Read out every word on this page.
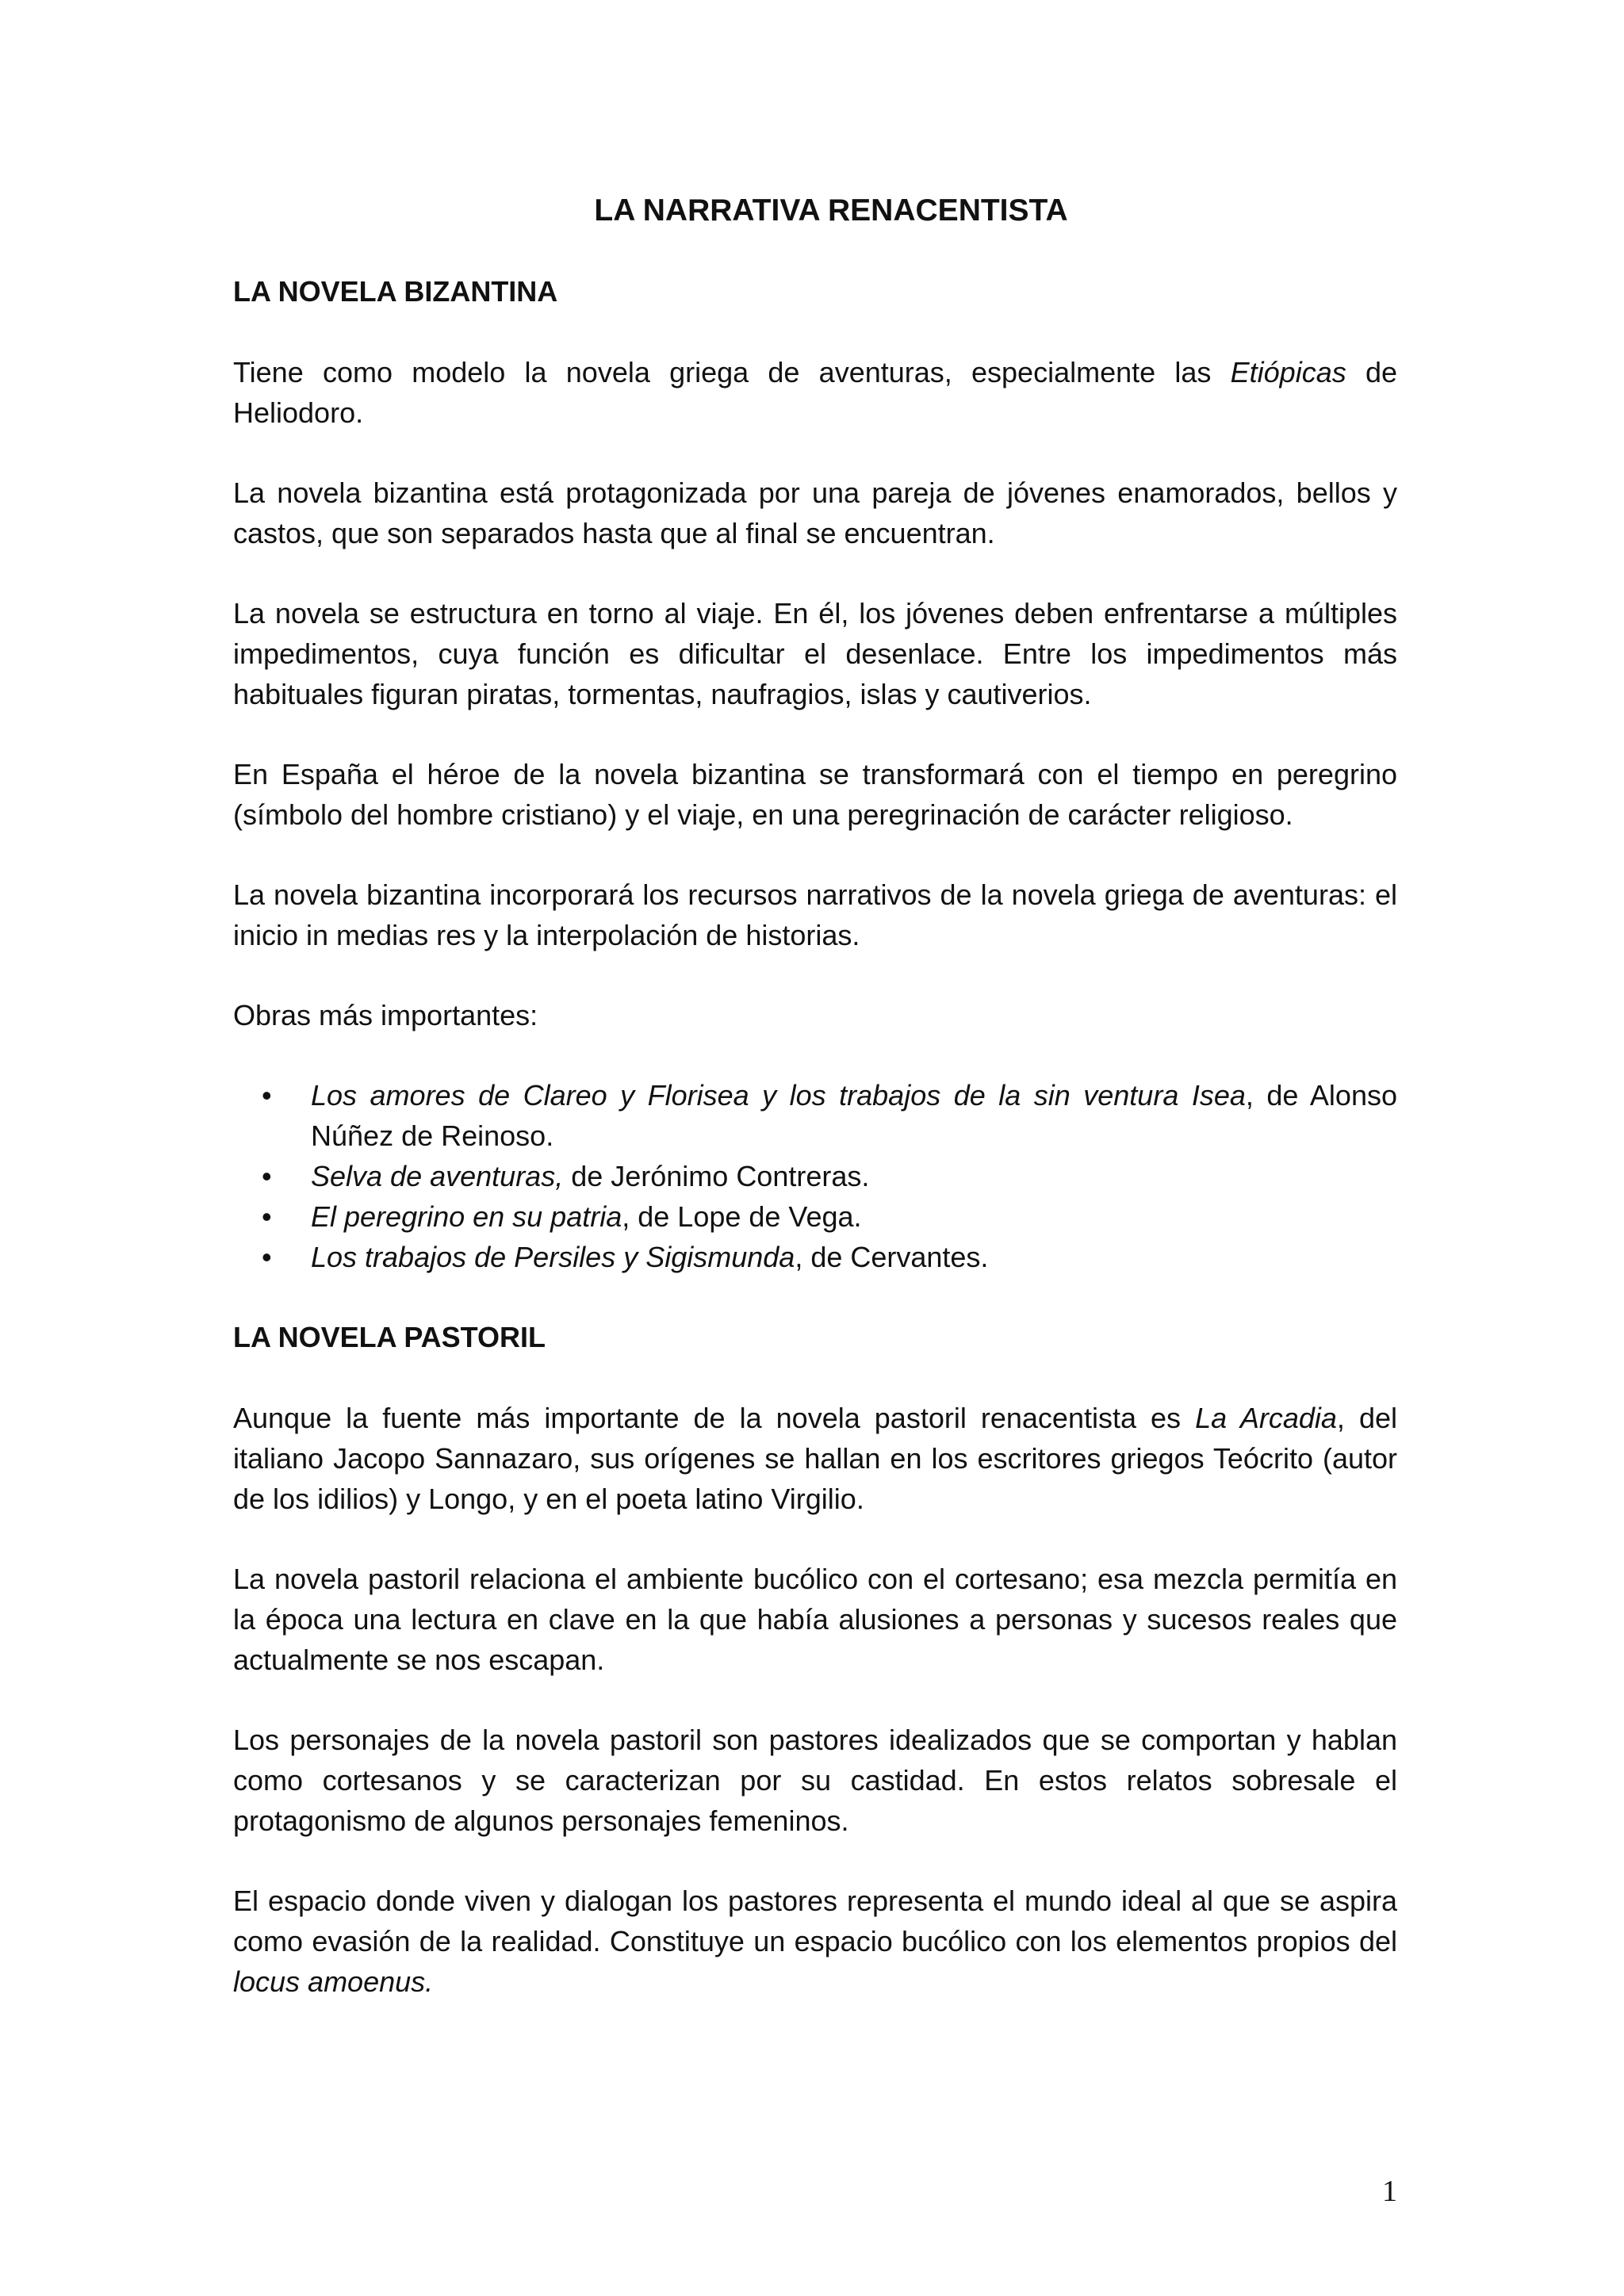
LA NARRATIVA RENACENTISTA
LA NOVELA BIZANTINA

Tiene como modelo la novela griega de aventuras, especialmente las Etiópicas de Heliodoro.

La novela bizantina está protagonizada por una pareja de jóvenes enamorados, bellos y castos, que son separados hasta que al final se encuentran.

La novela se estructura en torno al viaje. En él, los jóvenes deben enfrentarse a múltiples impedimentos, cuya función es dificultar el desenlace. Entre los impedimentos más habituales figuran piratas, tormentas, naufragios, islas y cautiverios.

En España el héroe de la novela bizantina se transformará con el tiempo en peregrino (símbolo del hombre cristiano) y el viaje, en una peregrinación de carácter religioso.

La novela bizantina incorporará los recursos narrativos de la novela griega de aventuras: el inicio in medias res y la interpolación de historias.

Obras más importantes:

• Los amores de Clareo y Florisea y los trabajos de la sin ventura Isea, de Alonso Núñez de Reinoso.
• Selva de aventuras, de Jerónimo Contreras.
• El peregrino en su patria, de Lope de Vega.
• Los trabajos de Persiles y Sigismunda, de Cervantes.
LA NOVELA PASTORIL

Aunque la fuente más importante de la novela pastoril renacentista es La Arcadia, del italiano Jacopo Sannazaro, sus orígenes se hallan en los escritores griegos Teócrito (autor de los idilios) y Longo, y en el poeta latino Virgilio.

La novela pastoril relaciona el ambiente bucólico con el cortesano; esa mezcla permitía en la época una lectura en clave en la que había alusiones a personas y sucesos reales que actualmente se nos escapan.

Los personajes de la novela pastoril son pastores idealizados que se comportan y hablan como cortesanos y se caracterizan por su castidad. En estos relatos sobresale el protagonismo de algunos personajes femeninos.

El espacio donde viven y dialogan los pastores representa el mundo ideal al que se aspira como evasión de la realidad. Constituye un espacio bucólico con los elementos propios del locus amoenus.

1
